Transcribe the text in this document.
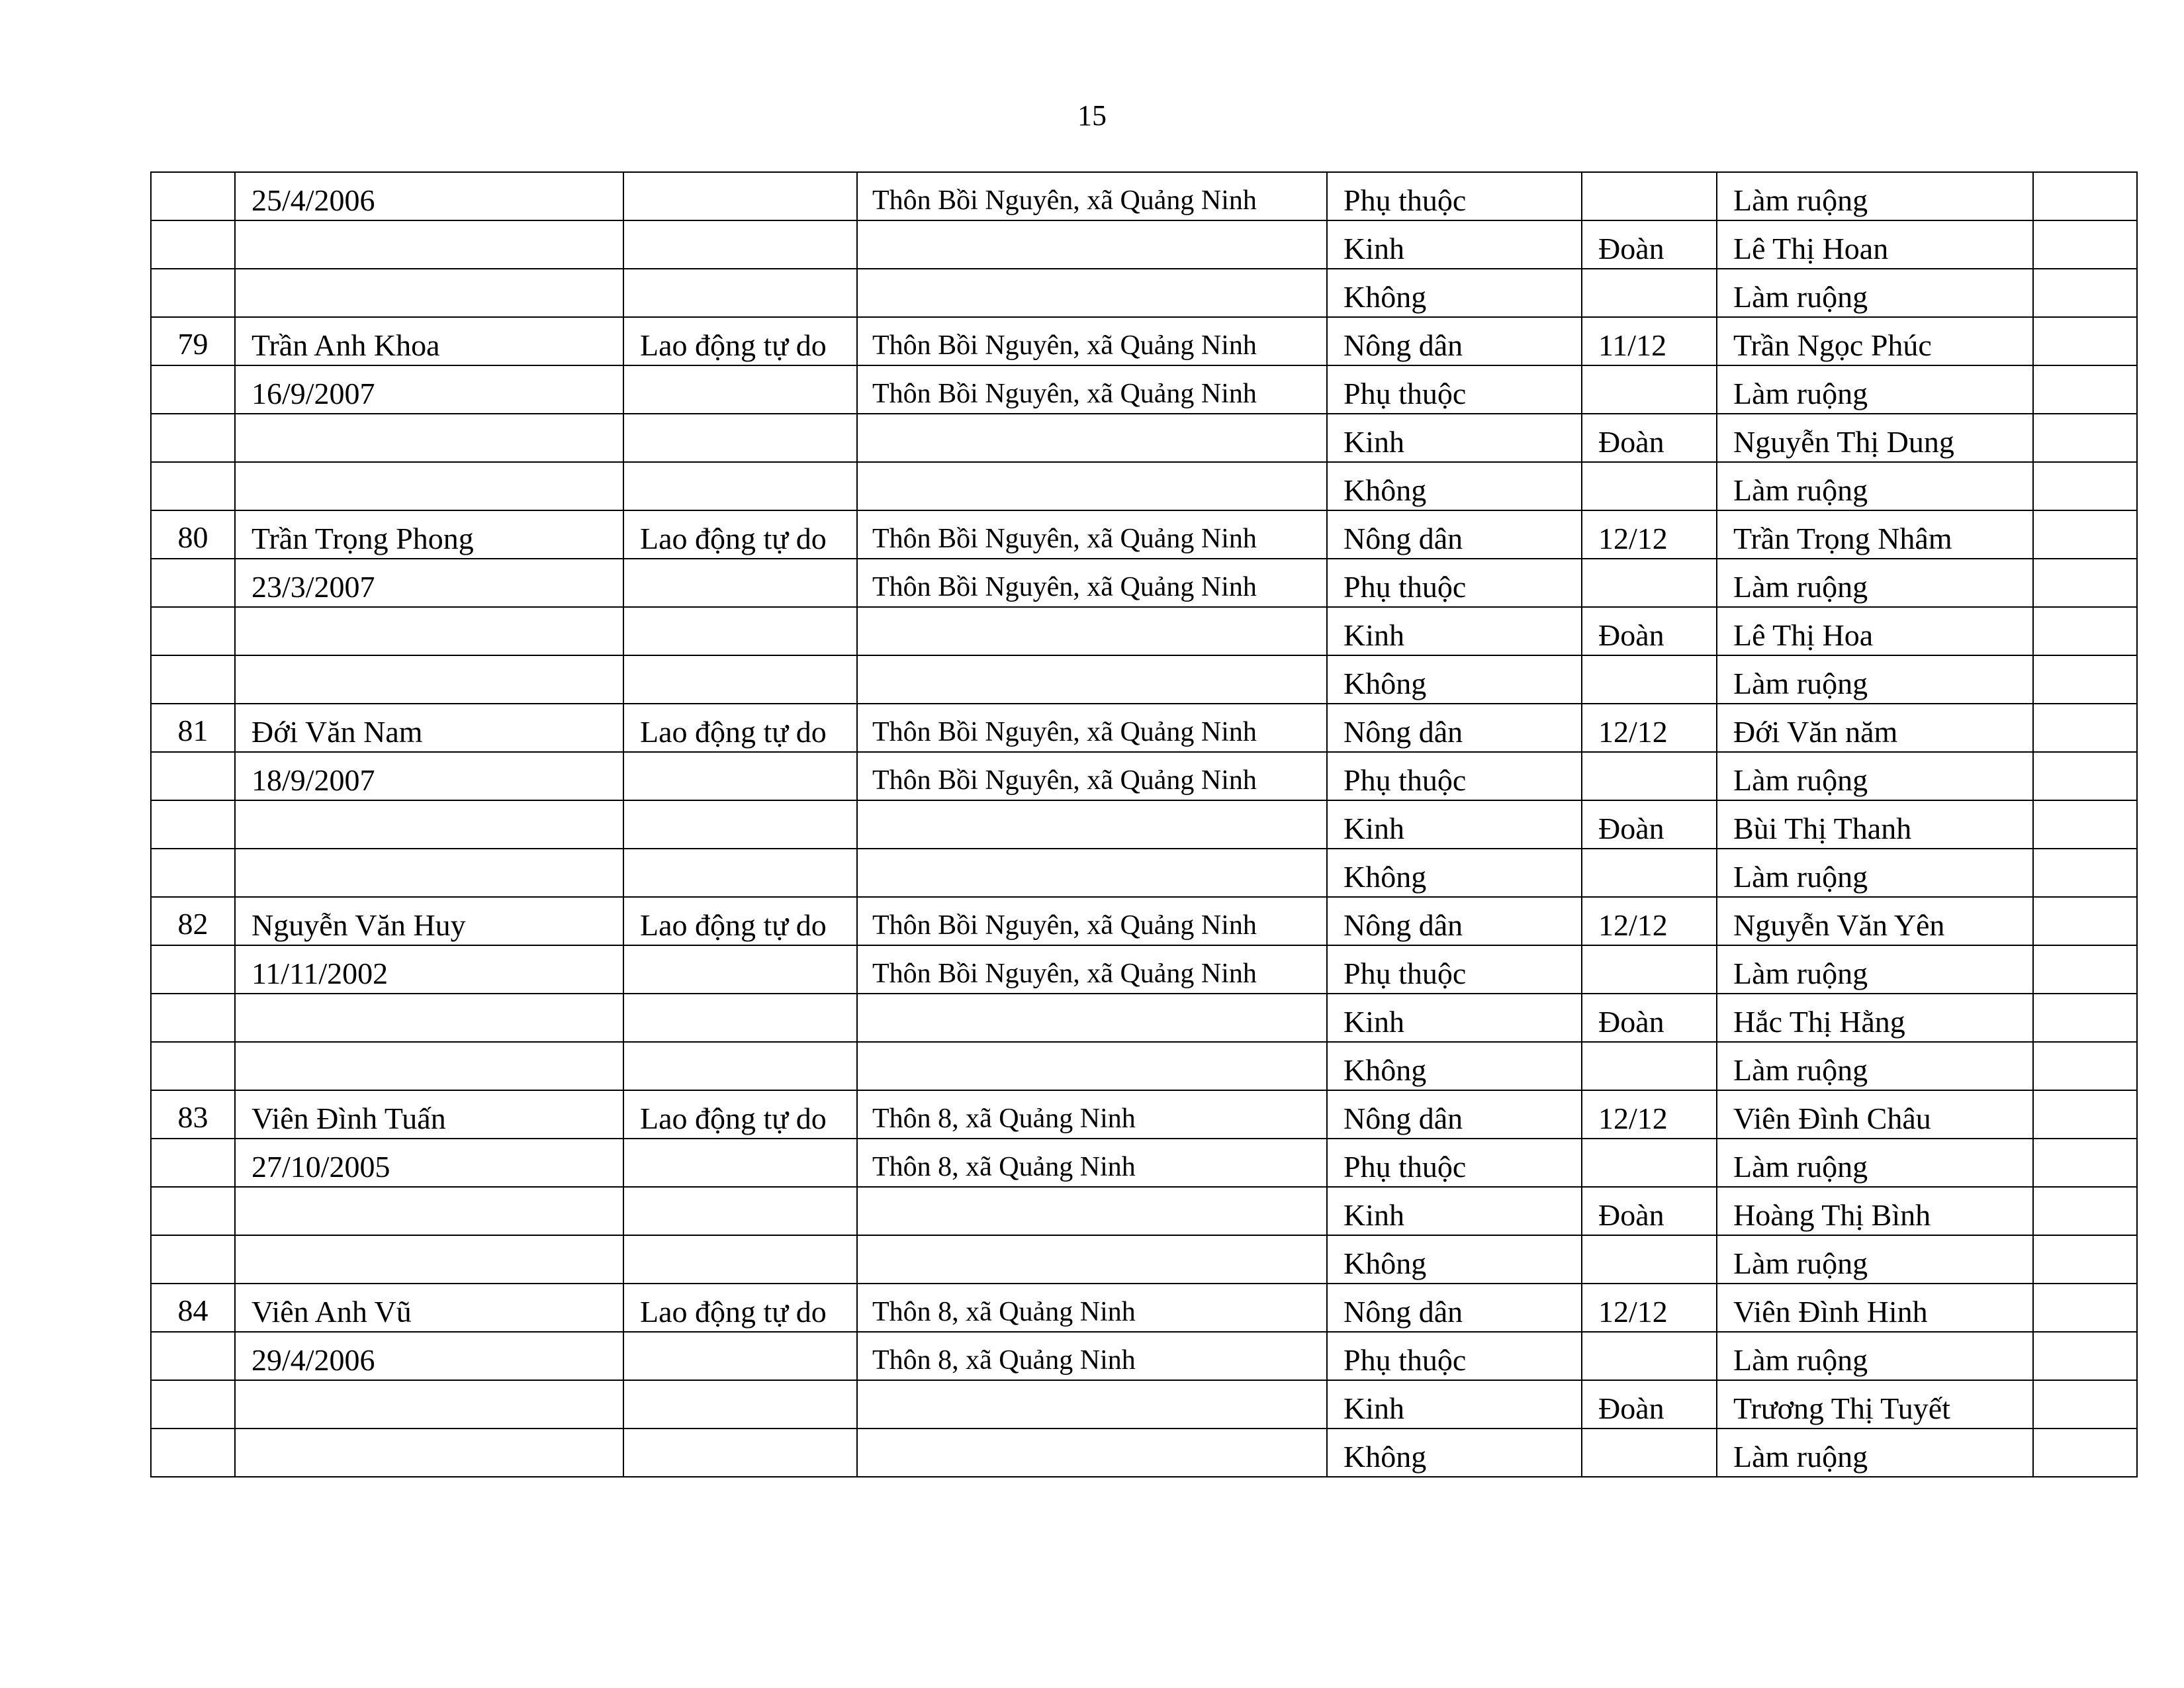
15
	25/4/2006		Thôn Bồi Nguyên, xã Quảng Ninh	Phụ thuộc		Làm ruộng	
				Kinh	Đoàn	Lê Thị Hoan	
				Không		Làm ruộng	
79	Trần Anh Khoa	Lao động tự do	Thôn Bồi Nguyên, xã Quảng Ninh	Nông dân	11/12	Trần Ngọc Phúc	
	16/9/2007		Thôn Bồi Nguyên, xã Quảng Ninh	Phụ thuộc		Làm ruộng	
				Kinh	Đoàn	Nguyễn Thị Dung	
				Không		Làm ruộng	
80	Trần Trọng Phong	Lao động tự do	Thôn Bồi Nguyên, xã Quảng Ninh	Nông dân	12/12	Trần Trọng Nhâm	
	23/3/2007		Thôn Bồi Nguyên, xã Quảng Ninh	Phụ thuộc		Làm ruộng	
				Kinh	Đoàn	Lê Thị Hoa	
				Không		Làm ruộng	
81	Đới Văn Nam	Lao động tự do	Thôn Bồi Nguyên, xã Quảng Ninh	Nông dân	12/12	Đới Văn năm	
	18/9/2007		Thôn Bồi Nguyên, xã Quảng Ninh	Phụ thuộc		Làm ruộng	
				Kinh	Đoàn	Bùi Thị Thanh	
				Không		Làm ruộng	
82	Nguyễn Văn Huy	Lao động tự do	Thôn Bồi Nguyên, xã Quảng Ninh	Nông dân	12/12	Nguyễn Văn Yên	
	11/11/2002		Thôn Bồi Nguyên, xã Quảng Ninh	Phụ thuộc		Làm ruộng	
				Kinh	Đoàn	Hắc Thị Hằng	
				Không		Làm ruộng	
83	Viên Đình Tuấn	Lao động tự do	Thôn 8, xã Quảng Ninh	Nông dân	12/12	Viên Đình Châu	
	27/10/2005		Thôn 8, xã Quảng Ninh	Phụ thuộc		Làm ruộng	
				Kinh	Đoàn	Hoàng Thị Bình	
				Không		Làm ruộng	
84	Viên Anh Vũ	Lao động tự do	Thôn 8, xã Quảng Ninh	Nông dân	12/12	Viên Đình Hinh	
	29/4/2006		Thôn 8, xã Quảng Ninh	Phụ thuộc		Làm ruộng	
				Kinh	Đoàn	Trương Thị Tuyết	
				Không		Làm ruộng	
